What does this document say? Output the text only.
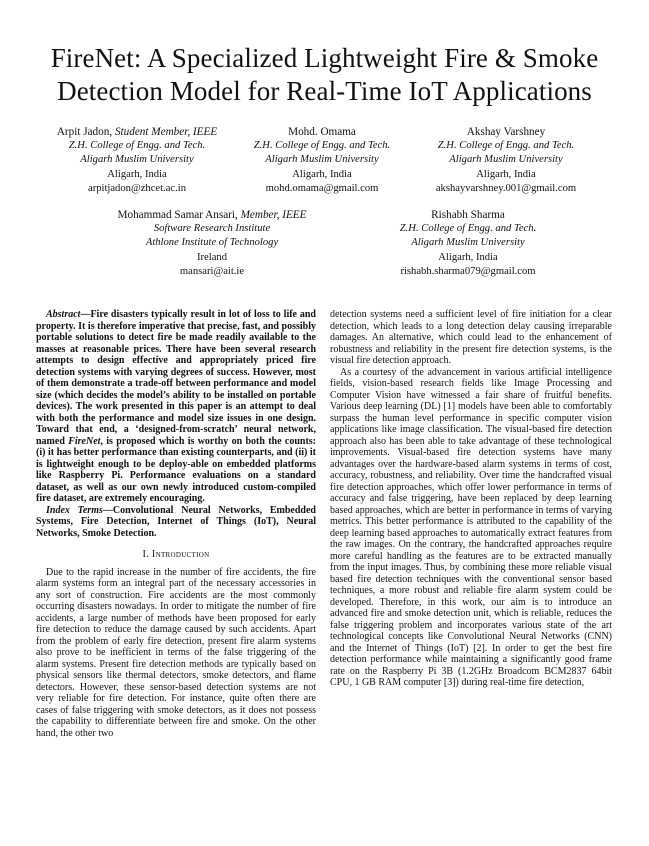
FireNet: A Specialized Lightweight Fire & Smoke
Detection Model for Real-Time IoT Applications
Arpit Jadon, Student Member, IEEE
Z.H. College of Engg. and Tech.
Aligarh Muslim University
Aligarh, India
arpitjadon@zhcet.ac.in
Mohd. Omama
Z.H. College of Engg. and Tech.
Aligarh Muslim University
Aligarh, India
mohd.omama@gmail.com
Akshay Varshney
Z.H. College of Engg. and Tech.
Aligarh Muslim University
Aligarh, India
akshayvarshney.001@gmail.com
Mohammad Samar Ansari, Member, IEEE
Software Research Institute
Athlone Institute of Technology
Ireland
mansari@ait.ie
Rishabh Sharma
Z.H. College of Engg. and Tech.
Aligarh Muslim University
Aligarh, India
rishabh.sharma079@gmail.com

Abstract—Fire disasters typically result in lot of loss to life and property. It is therefore imperative that precise, fast, and possibly portable solutions to detect fire be made readily available to the masses at reasonable prices. There have been several research attempts to design effective and appropriately priced fire detection systems with varying degrees of success. However, most of them demonstrate a trade-off between performance and model size (which decides the model’s ability to be installed on portable devices). The work presented in this paper is an attempt to deal with both the performance and model size issues in one design. Toward that end, a ‘designed-from-scratch’ neural network, named FireNet, is proposed which is worthy on both the counts: (i) it has better performance than existing counterparts, and (ii) it is lightweight enough to be deploy-able on embedded platforms like Raspberry Pi. Performance evaluations on a standard dataset, as well as our own newly introduced custom-compiled fire dataset, are extremely encouraging.

Index Terms—Convolutional Neural Networks, Embedded Systems, Fire Detection, Internet of Things (IoT), Neural Networks, Smoke Detection.

I. Introduction

Due to the rapid increase in the number of fire accidents, the fire alarm systems form an integral part of the necessary accessories in any sort of construction. Fire accidents are the most commonly occurring disasters nowadays. In order to mitigate the number of fire accidents, a large number of methods have been proposed for early fire detection to reduce the damage caused by such accidents. Apart from the problem of early fire detection, present fire alarm systems also prove to be inefficient in terms of the false triggering of the alarm systems. Present fire detection methods are typically based on physical sensors like thermal detectors, smoke detectors, and flame detectors. However, these sensor-based detection systems are not very reliable for fire detection. For instance, quite often there are cases of false triggering with smoke detectors, as it does not possess the capability to differentiate between fire and smoke. On the other hand, the other two

detection systems need a sufficient level of fire initiation for a clear detection, which leads to a long detection delay causing irreparable damages. An alternative, which could lead to the enhancement of robustness and reliability in the present fire detection systems, is the visual fire detection approach.

As a courtesy of the advancement in various artificial intelligence fields, vision-based research fields like Image Processing and Computer Vision have witnessed a fair share of fruitful benefits. Various deep learning (DL) [1] models have been able to comfortably surpass the human level performance in specific computer vision applications like image classification. The visual-based fire detection approach also has been able to take advantage of these technological improvements. Visual-based fire detection systems have many advantages over the hardware-based alarm systems in terms of cost, accuracy, robustness, and reliability. Over time the handcrafted visual fire detection approaches, which offer lower performance in terms of accuracy and false triggering, have been replaced by deep learning based approaches, which are better in performance in terms of varying metrics. This better performance is attributed to the capability of the deep learning based approaches to automatically extract features from the raw images. On the contrary, the handcrafted approaches require more careful handling as the features are to be extracted manually from the input images. Thus, by combining these more reliable visual based fire detection techniques with the conventional sensor based techniques, a more robust and reliable fire alarm system could be developed. Therefore, in this work, our aim is to introduce an advanced fire and smoke detection unit, which is reliable, reduces the false triggering problem and incorporates various state of the art technological concepts like Convolutional Neural Networks (CNN) and the Internet of Things (IoT) [2]. In order to get the best fire detection performance while maintaining a significantly good frame rate on the Raspberry Pi 3B (1.2GHz Broadcom BCM2837 64bit CPU, 1 GB RAM computer [3]) during real-time fire detection,
